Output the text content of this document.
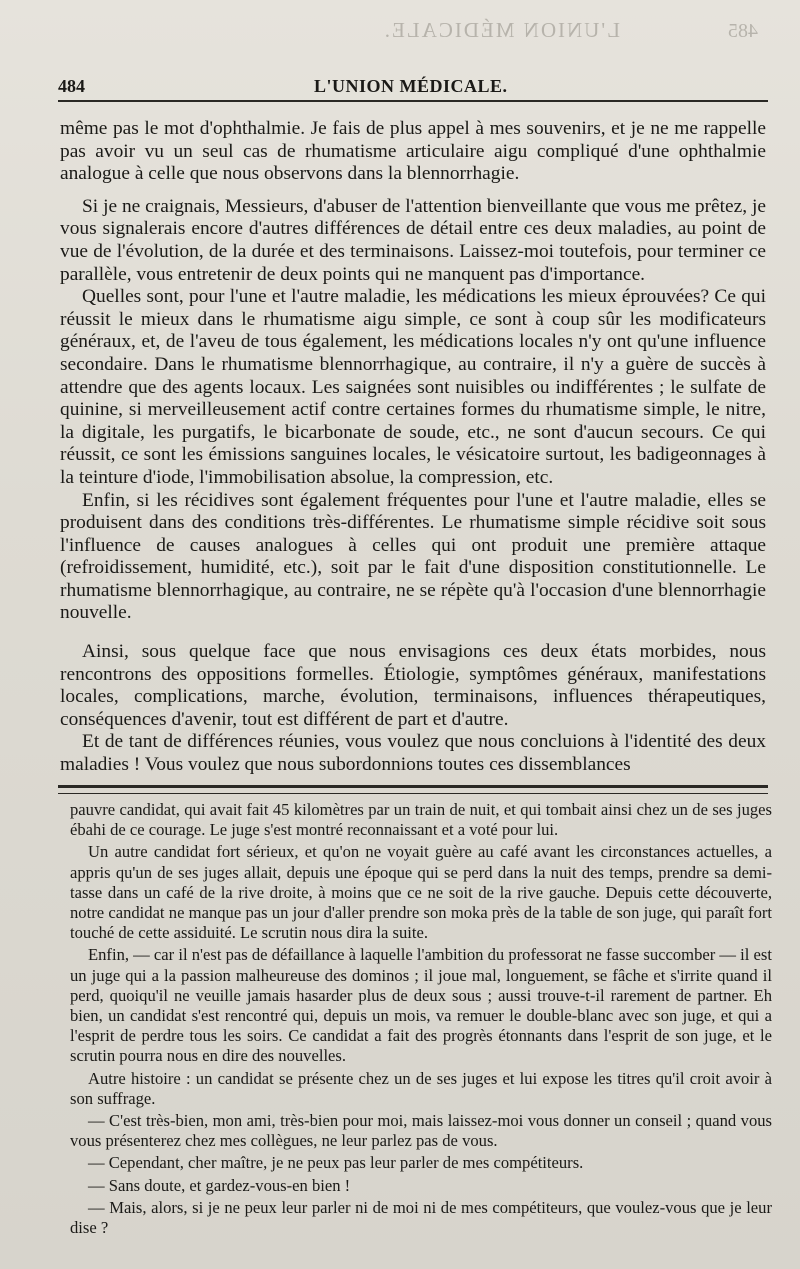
L'UNION MÉDICALE.	485
484	L'UNION MÉDICALE.

même pas le mot d'ophthalmie. Je fais de plus appel à mes souvenirs, et je ne me rappelle pas avoir vu un seul cas de rhumatisme articulaire aigu compliqué d'une ophthalmie analogue à celle que nous observons dans la blennorrhagie.

Si je ne craignais, Messieurs, d'abuser de l'attention bienveillante que vous me prêtez, je vous signalerais encore d'autres différences de détail entre ces deux maladies, au point de vue de l'évolution, de la durée et des terminaisons. Laissez-moi toutefois, pour terminer ce parallèle, vous entretenir de deux points qui ne manquent pas d'importance.

Quelles sont, pour l'une et l'autre maladie, les médications les mieux éprouvées? Ce qui réussit le mieux dans le rhumatisme aigu simple, ce sont à coup sûr les modificateurs généraux, et, de l'aveu de tous également, les médications locales n'y ont qu'une influence secondaire. Dans le rhumatisme blennorrhagique, au contraire, il n'y a guère de succès à attendre que des agents locaux. Les saignées sont nuisibles ou indifférentes ; le sulfate de quinine, si merveilleusement actif contre certaines formes du rhumatisme simple, le nitre, la digitale, les purgatifs, le bicarbonate de soude, etc., ne sont d'aucun secours. Ce qui réussit, ce sont les émissions sanguines locales, le vésicatoire surtout, les badigeonnages à la teinture d'iode, l'immobilisation absolue, la compression, etc.

Enfin, si les récidives sont également fréquentes pour l'une et l'autre maladie, elles se produisent dans des conditions très-différentes. Le rhumatisme simple récidive soit sous l'influence de causes analogues à celles qui ont produit une première attaque (refroidissement, humidité, etc.), soit par le fait d'une disposition constitutionnelle. Le rhumatisme blennorrhagique, au contraire, ne se répète qu'à l'occasion d'une blennorrhagie nouvelle.

Ainsi, sous quelque face que nous envisagions ces deux états morbides, nous rencontrons des oppositions formelles. Étiologie, symptômes généraux, manifestations locales, complications, marche, évolution, terminaisons, influences thérapeutiques, conséquences d'avenir, tout est différent de part et d'autre.

Et de tant de différences réunies, vous voulez que nous concluions à l'identité des deux maladies ! Vous voulez que nous subordonnions toutes ces dissemblances

pauvre candidat, qui avait fait 45 kilomètres par un train de nuit, et qui tombait ainsi chez un de ses juges ébahi de ce courage. Le juge s'est montré reconnaissant et a voté pour lui.

Un autre candidat fort sérieux, et qu'on ne voyait guère au café avant les circonstances actuelles, a appris qu'un de ses juges allait, depuis une époque qui se perd dans la nuit des temps, prendre sa demi-tasse dans un café de la rive droite, à moins que ce ne soit de la rive gauche. Depuis cette découverte, notre candidat ne manque pas un jour d'aller prendre son moka près de la table de son juge, qui paraît fort touché de cette assiduité. Le scrutin nous dira la suite.

Enfin, — car il n'est pas de défaillance à laquelle l'ambition du professorat ne fasse succomber — il est un juge qui a la passion malheureuse des dominos ; il joue mal, longuement, se fâche et s'irrite quand il perd, quoiqu'il ne veuille jamais hasarder plus de deux sous ; aussi trouve-t-il rarement de partner. Eh bien, un candidat s'est rencontré qui, depuis un mois, va remuer le double-blanc avec son juge, et qui a l'esprit de perdre tous les soirs. Ce candidat a fait des progrès étonnants dans l'esprit de son juge, et le scrutin pourra nous en dire des nouvelles.

Autre histoire : un candidat se présente chez un de ses juges et lui expose les titres qu'il croit avoir à son suffrage.

— C'est très-bien, mon ami, très-bien pour moi, mais laissez-moi vous donner un conseil ; quand vous vous présenterez chez mes collègues, ne leur parlez pas de vous.

— Cependant, cher maître, je ne peux pas leur parler de mes compétiteurs.

— Sans doute, et gardez-vous-en bien !

— Mais, alors, si je ne peux leur parler ni de moi ni de mes compétiteurs, que voulez-vous que je leur dise ?
